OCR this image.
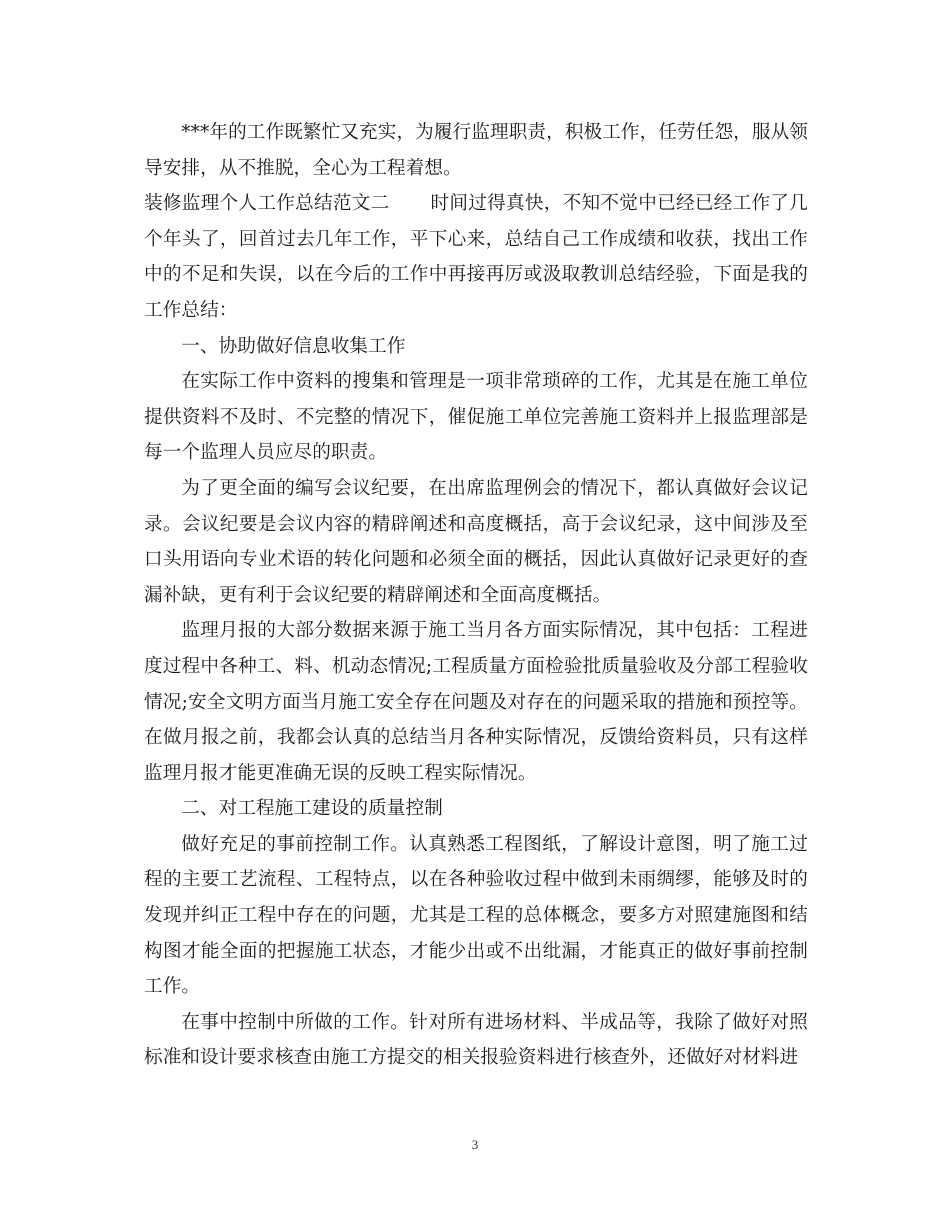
***年的工作既繁忙又充实，为履行监理职责，积极工作，任劳任怨，服从领导安排，从不推脱，全心为工程着想。

装修监理个人工作总结范文二 时间过得真快，不知不觉中已经已经工作了几个年头了，回首过去几年工作，平下心来，总结自己工作成绩和收获，找出工作中的不足和失误，以在今后的工作中再接再厉或汲取教训总结经验，下面是我的工作总结：

一、协助做好信息收集工作

在实际工作中资料的搜集和管理是一项非常琐碎的工作，尤其是在施工单位提供资料不及时、不完整的情况下，催促施工单位完善施工资料并上报监理部是每一个监理人员应尽的职责。

为了更全面的编写会议纪要，在出席监理例会的情况下，都认真做好会议记录。会议纪要是会议内容的精辟阐述和高度概括，高于会议纪录，这中间涉及至口头用语向专业术语的转化问题和必须全面的概括，因此认真做好记录更好的查漏补缺，更有利于会议纪要的精辟阐述和全面高度概括。

监理月报的大部分数据来源于施工当月各方面实际情况，其中包括：工程进度过程中各种工、料、机动态情况;工程质量方面检验批质量验收及分部工程验收情况;安全文明方面当月施工安全存在问题及对存在的问题采取的措施和预控等。在做月报之前，我都会认真的总结当月各种实际情况，反馈给资料员，只有这样监理月报才能更准确无误的反映工程实际情况。

二、对工程施工建设的质量控制

做好充足的事前控制工作。认真熟悉工程图纸，了解设计意图，明了施工过程的主要工艺流程、工程特点，以在各种验收过程中做到未雨绸缪，能够及时的发现并纠正工程中存在的问题，尤其是工程的总体概念，要多方对照建施图和结构图才能全面的把握施工状态，才能少出或不出纰漏，才能真正的做好事前控制工作。

在事中控制中所做的工作。针对所有进场材料、半成品等，我除了做好对照标准和设计要求核查由施工方提交的相关报验资料进行核查外，还做好对材料进

3
